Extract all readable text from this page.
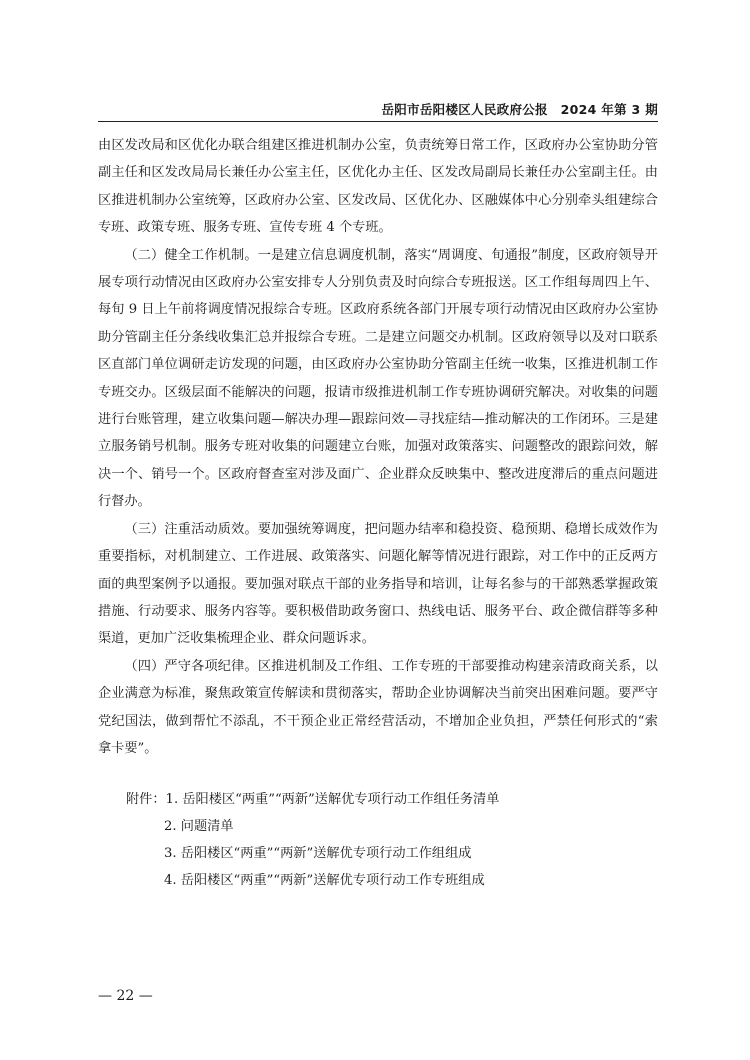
岳阳市岳阳楼区人民政府公报　2024 年第 3 期

由区发改局和区优化办联合组建区推进机制办公室，负责统筹日常工作，区政府办公室协助分管副主任和区发改局局长兼任办公室主任，区优化办主任、区发改局副局长兼任办公室副主任。由区推进机制办公室统筹，区政府办公室、区发改局、区优化办、区融媒体中心分别牵头组建综合专班、政策专班、服务专班、宣传专班 4 个专班。

（二）健全工作机制。一是建立信息调度机制，落实“周调度、旬通报”制度，区政府领导开展专项行动情况由区政府办公室安排专人分别负责及时向综合专班报送。区工作组每周四上午、每旬 9 日上午前将调度情况报综合专班。区政府系统各部门开展专项行动情况由区政府办公室协助分管副主任分条线收集汇总并报综合专班。二是建立问题交办机制。区政府领导以及对口联系区直部门单位调研走访发现的问题，由区政府办公室协助分管副主任统一收集，区推进机制工作专班交办。区级层面不能解决的问题，报请市级推进机制工作专班协调研究解决。对收集的问题进行台账管理，建立收集问题—解决办理—跟踪问效—寻找症结—推动解决的工作闭环。三是建立服务销号机制。服务专班对收集的问题建立台账，加强对政策落实、问题整改的跟踪问效，解决一个、销号一个。区政府督查室对涉及面广、企业群众反映集中、整改进度滞后的重点问题进行督办。

（三）注重活动质效。要加强统筹调度，把问题办结率和稳投资、稳预期、稳增长成效作为重要指标，对机制建立、工作进展、政策落实、问题化解等情况进行跟踪，对工作中的正反两方面的典型案例予以通报。要加强对联点干部的业务指导和培训，让每名参与的干部熟悉掌握政策措施、行动要求、服务内容等。要积极借助政务窗口、热线电话、服务平台、政企微信群等多种渠道，更加广泛收集梳理企业、群众问题诉求。

（四）严守各项纪律。区推进机制及工作组、工作专班的干部要推动构建亲清政商关系，以企业满意为标准，聚焦政策宣传解读和贯彻落实，帮助企业协调解决当前突出困难问题。要严守党纪国法，做到帮忙不添乱，不干预企业正常经营活动，不增加企业负担，严禁任何形式的“索拿卡要”。

附件：1. 岳阳楼区“两重”“两新”送解优专项行动工作组任务清单

2. 问题清单

3. 岳阳楼区“两重”“两新”送解优专项行动工作组组成

4. 岳阳楼区“两重”“两新”送解优专项行动工作专班组成

— 22 —
